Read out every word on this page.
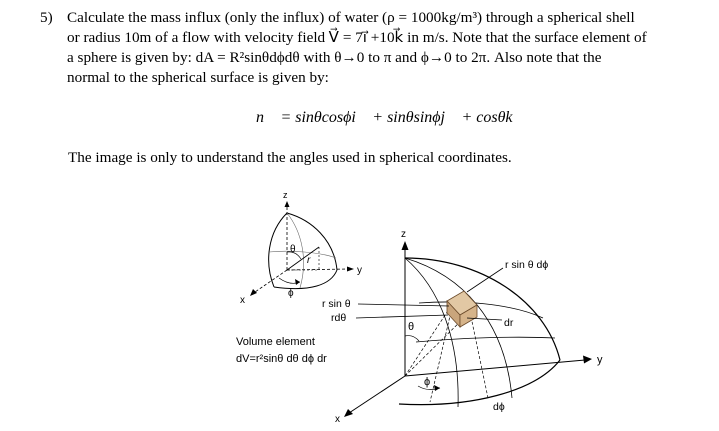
5) Calculate the mass influx (only the influx) of water (ρ = 1000kg/m³) through a spherical shell
or radius 10m of a flow with velocity field V⃗ = 7i⃗ +10k⃗ in m/s. Note that the surface element of
a sphere is given by: dA = R²sinθdϕdθ with θ→0 to π and ϕ→0 to 2π. Also note that the
normal to the spherical surface is given by:
n⃗ = sinθcosϕi⃗ + sinθsinϕj⃗ + cosθk⃗
The image is only to understand the angles used in spherical coordinates.
z
y
x
θ
r
ϕ
z
y
x
θ
ϕ
r sin θ dϕ
r sin θ
rdθ	dr
dϕ
Volume element
dV=r²sinθ dθ dϕ dr
